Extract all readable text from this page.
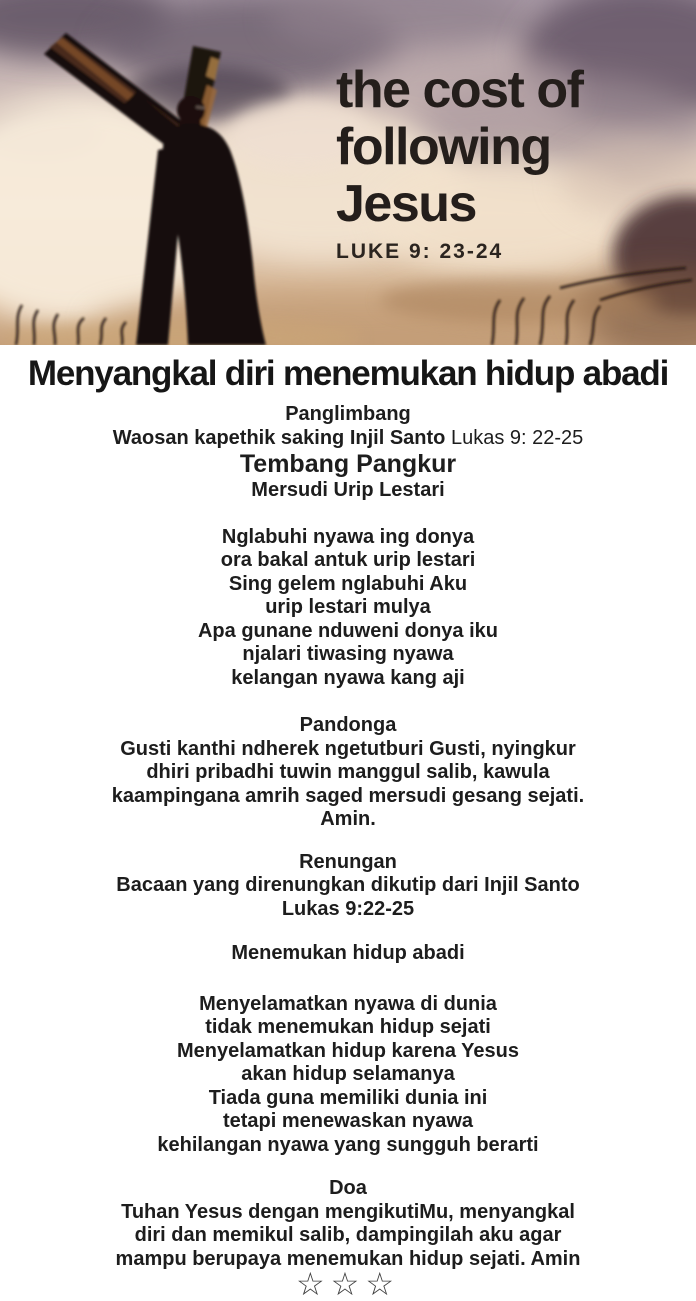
the cost of
following
Jesus
LUKE 9: 23-24
Menyangkal diri menemukan hidup abadi
Panglimbang
Waosan kapethik saking Injil Santo Lukas 9: 22-25
Tembang Pangkur
Mersudi Urip Lestari
Nglabuhi nyawa ing donya
ora bakal antuk urip lestari
Sing gelem nglabuhi Aku
urip lestari mulya
Apa gunane nduweni donya iku
njalari tiwasing nyawa
kelangan nyawa kang aji
Pandonga
Gusti kanthi ndherek ngetutburi Gusti, nyingkur
dhiri pribadhi tuwin manggul salib, kawula
kaampingana amrih saged mersudi gesang sejati.
Amin.
Renungan
Bacaan yang direnungkan dikutip dari Injil Santo
Lukas 9:22-25
Menemukan hidup abadi
Menyelamatkan nyawa di dunia
tidak menemukan hidup sejati
Menyelamatkan hidup karena Yesus
akan hidup selamanya
Tiada guna memiliki dunia ini
tetapi menewaskan nyawa
kehilangan nyawa yang sungguh berarti
Doa
Tuhan Yesus dengan mengikutiMu, menyangkal
diri dan memikul salib, dampingilah aku agar
mampu berupaya menemukan hidup sejati. Amin
☆☆☆
